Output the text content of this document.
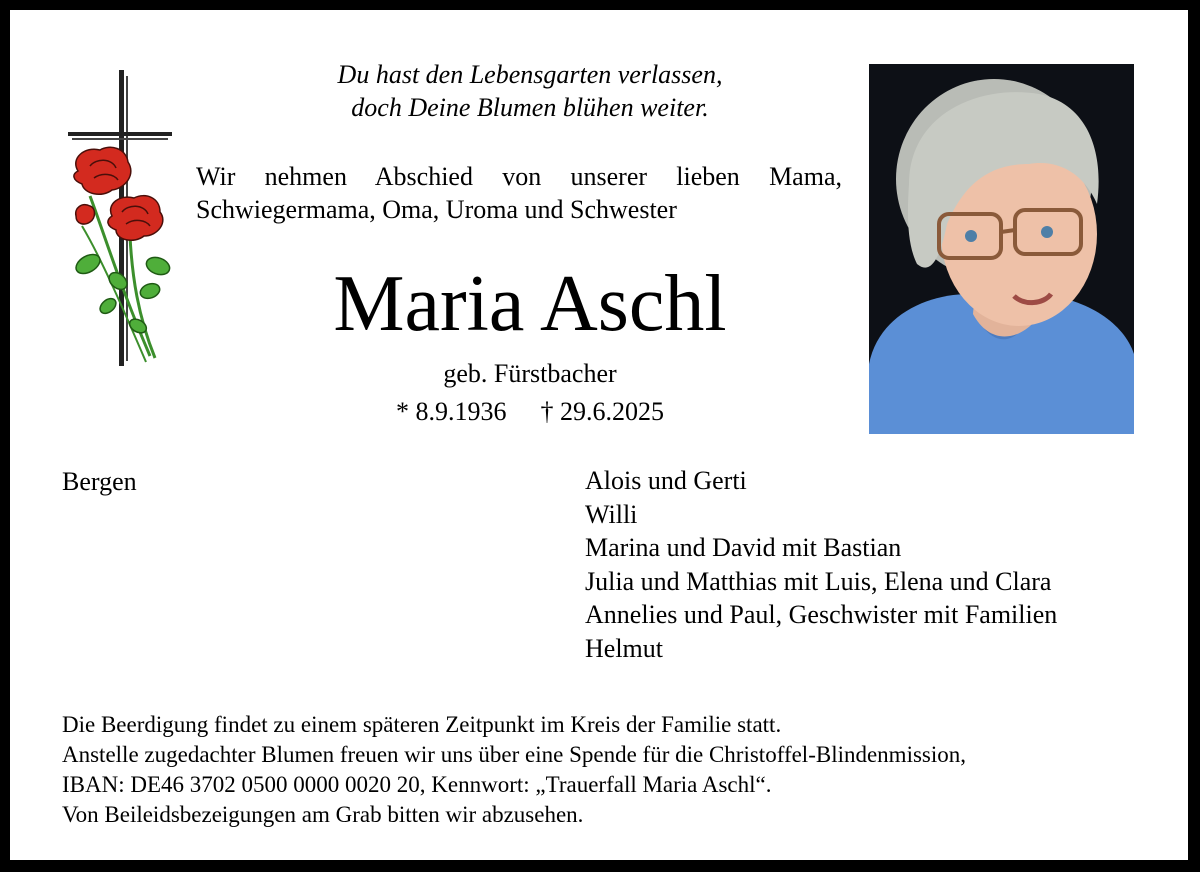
Du hast den Lebensgarten verlassen,
doch Deine Blumen blühen weiter.
Wir nehmen Abschied von unserer lieben Mama, Schwiegermama, Oma, Uroma und Schwester
Maria Aschl
geb. Fürstbacher
* 8.9.1936 † 29.6.2025
Bergen	Alois und Gerti
Willi
Marina und David mit Bastian
Julia und Matthias mit Luis, Elena und Clara
Annelies und Paul, Geschwister mit Familien
Helmut
Die Beerdigung findet zu einem späteren Zeitpunkt im Kreis der Familie statt.
Anstelle zugedachter Blumen freuen wir uns über eine Spende für die Christoffel-Blindenmission,
IBAN: DE46 3702 0500 0000 0020 20, Kennwort: „Trauerfall Maria Aschl“.
Von Beileidsbezeigungen am Grab bitten wir abzusehen.
